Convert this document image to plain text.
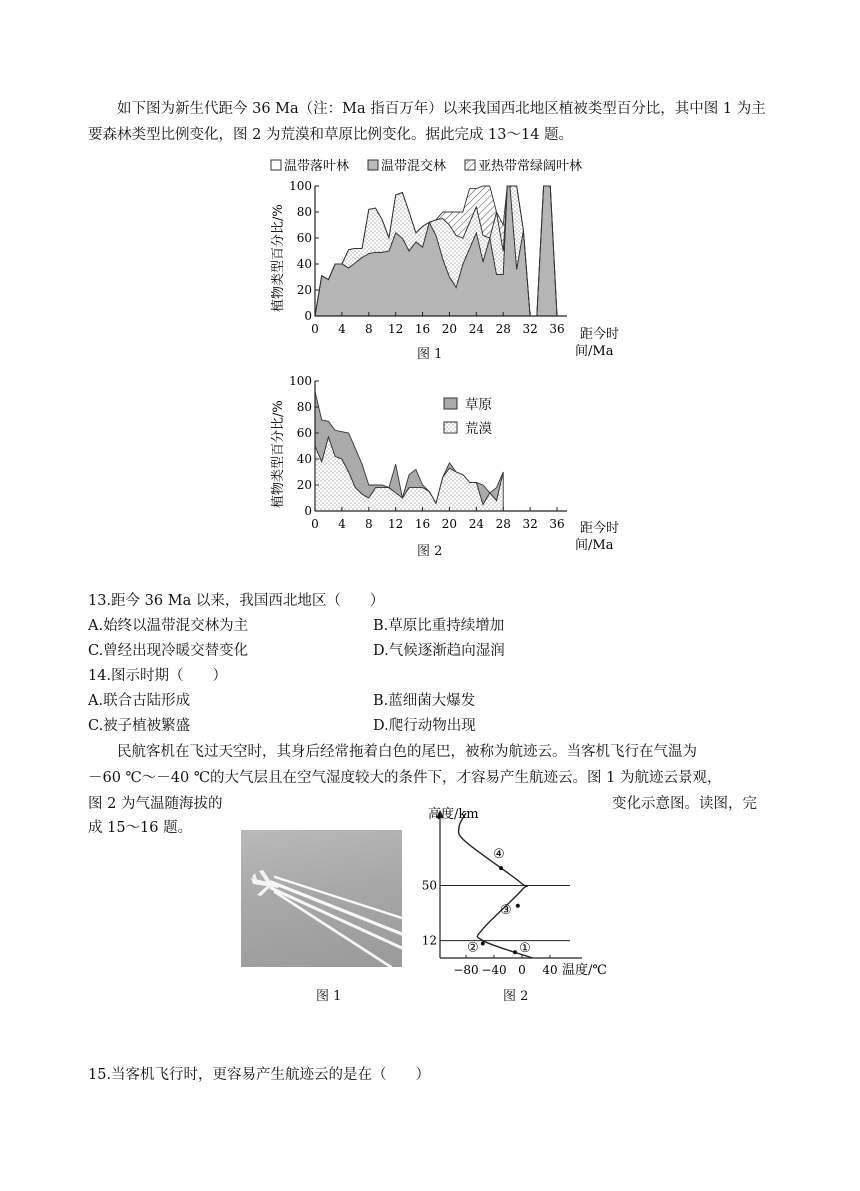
如下图为新生代距今 36 Ma（注：Ma 指百万年）以来我国西北地区植被类型百分比，其中图 1 为主要森林类型比例变化，图 2 为荒漠和草原比例变化。据此完成 13～14 题。
温带落叶林 温带混交林 亚热带常绿阔叶林
0
20
40
60
80
100
0 4 8 12 16 20 24 28 32 36
植物类型百分比/%
距今时
间/Ma
图 1
0
20
40
60
80
100
0 4 8 12 16 20 24 28 32 36
草原
荒漠
植物类型百分比/%
距今时
间/Ma
图 2
13.距今 36 Ma 以来，我国西北地区（　　）
A.始终以温带混交林为主	B.草原比重持续增加
C.曾经出现冷暖交替变化	D.气候逐渐趋向湿润
14.图示时期（　　）
A.联合古陆形成	B.蓝细菌大爆发
C.被子植被繁盛	D.爬行动物出现
民航客机在飞过天空时，其身后经常拖着白色的尾巴，被称为航迹云。当客机飞行在气温为
－60 ℃～－40 ℃的大气层且在空气湿度较大的条件下，才容易产生航迹云。图 1 为航迹云景观，
图 2 为气温随海拔的	变化示意图。读图，完
成 15～16 题。
图 1
12
50
−80 −40 0 40
①
②
③
④
高度/km
温度/℃
图 2
15.当客机飞行时，更容易产生航迹云的是在（　　）
